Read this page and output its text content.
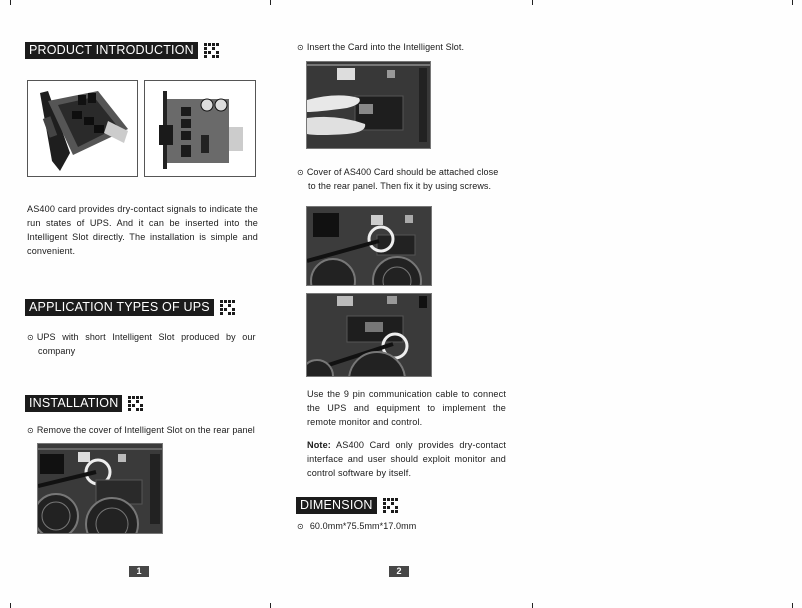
PRODUCT INTRODUCTION
AS400 card provides dry-contact signals to indicate the run states of UPS. And it can be inserted into the Intelligent Slot directly. The installation is simple and convenient.
APPLICATION TYPES OF UPS
⊙ UPS with short Intelligent Slot produced by our
company
INSTALLATION
⊙ Remove the cover of Intelligent Slot on the rear panel
1
⊙ Insert the Card into the Intelligent Slot.
⊙ Cover of AS400 Card should be attached close
to the rear panel. Then fix it by using screws.
Use the 9 pin communication cable to connect the UPS and equipment to implement the remote monitor and control.
Note: AS400 Card only provides dry-contact interface and user should exploit monitor and control software by itself.
DIMENSION
⊙ 60.0mm*75.5mm*17.0mm
2
